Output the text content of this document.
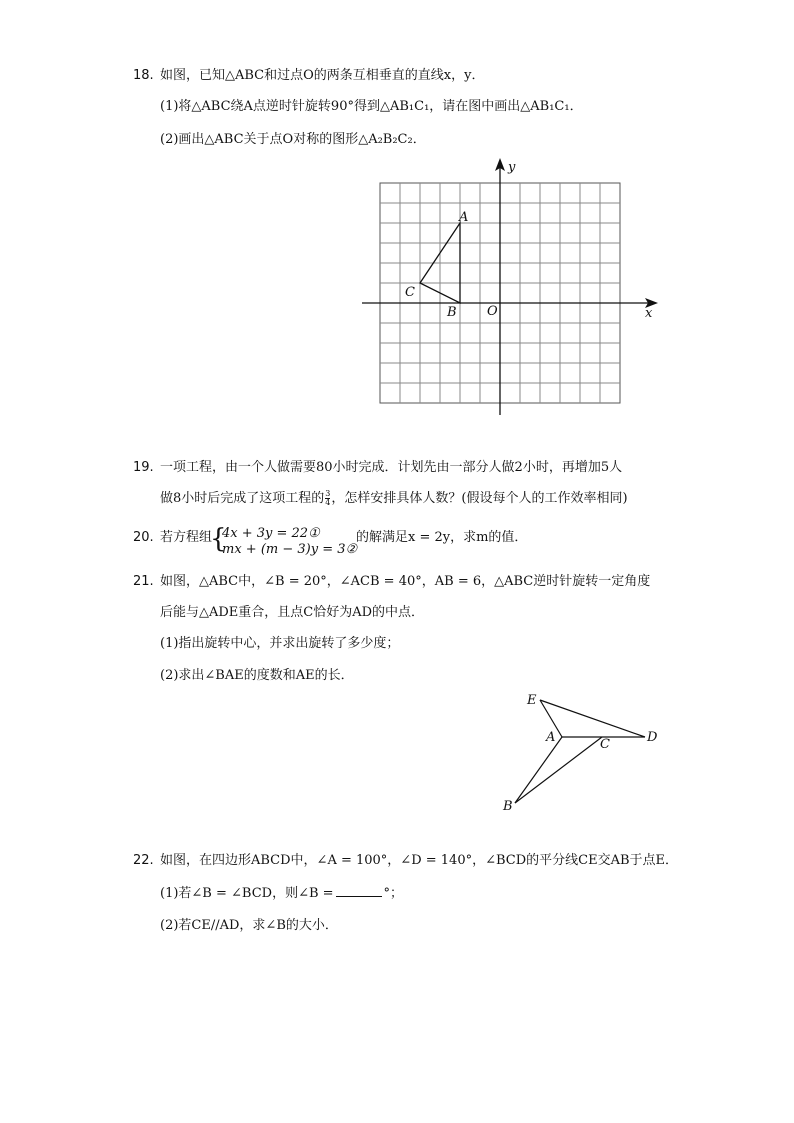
18. 如图，已知△ABC和过点O的两条互相垂直的直线x，y．
(1)将△ABC绕A点逆时针旋转90°得到△AB₁C₁，请在图中画出△AB₁C₁．
(2)画出△ABC关于点O对称的图形△A₂B₂C₂．
A
B
C
O	x
y
19. 一项工程，由一个人做需要80小时完成．计划先由一部分人做2小时，再增加5人
做8小时后完成了这项工程的 $\frac{3}{4}$ ，怎样安排具体人数？(假设每个人的工作效率相同)
20. 若方程组
{
4x + 3y = 22①
mx + (m − 3)y = 3②
的解满足x = 2y，求m的值．
21. 如图，△ABC中，∠B = 20°，∠ACB = 40°，AB = 6，△ABC逆时针旋转一定角度
后能与△ADE重合，且点C恰好为AD的中点．
(1)指出旋转中心，并求出旋转了多少度；
(2)求出∠BAE的度数和AE的长．
E
A	C	D
B
22. 如图，在四边形ABCD中，∠A = 100°，∠D = 140°，∠BCD的平分线CE交AB于点E．
(1)若∠B = ∠BCD，则∠B =	°；
(2)若CE//AD，求∠B的大小．
